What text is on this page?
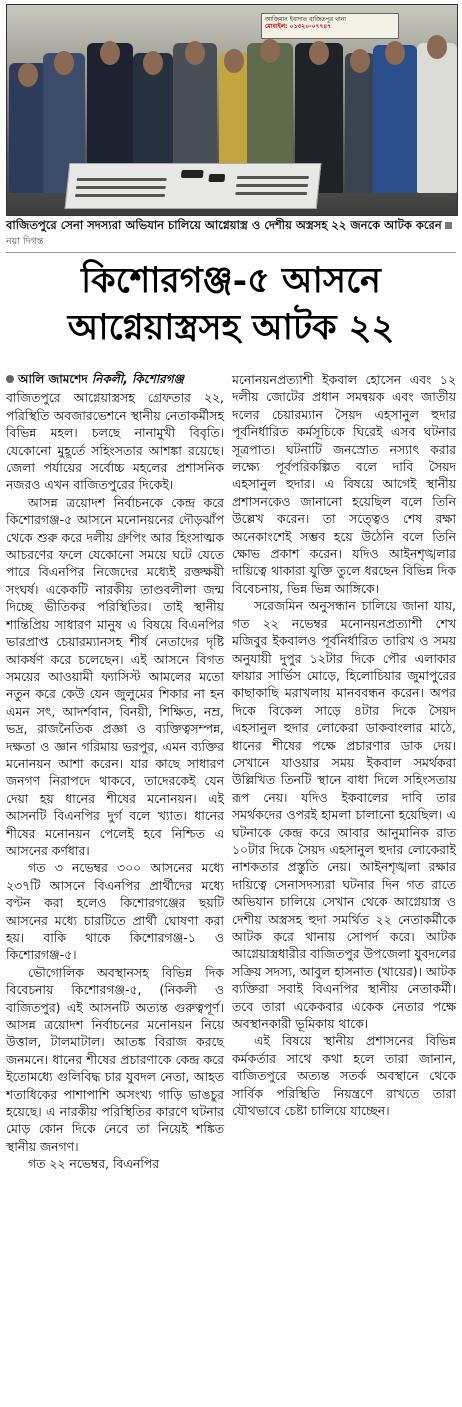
আজিমান ইবাদাত বাজিতপুর থানা
মোবাইল: ০১৩২০-০৭৭৪৭
বাজিতপুরে সেনা সদস্যরা অভিযান চালিয়ে আগ্নেয়াস্ত্র ও দেশীয় অস্ত্রসহ ২২ জনকে আটক করেননয়া দিগন্ত
কিশোরগঞ্জ-৫ আসনে
আগ্নেয়াস্ত্রসহ আটক ২২
আলি জামশেদ নিকলী, কিশোরগঞ্জ

বাজিতপুরে আগ্নেয়াস্ত্রসহ গ্রেফতার ২২, পরিস্থিতি অবজারভেশনে স্থানীয় নেতাকর্মীসহ বিভিন্ন মহল। চলছে নানামুখী বিবৃতি। যেকোনো মুহূর্তে সহিংসতার আশঙ্কা রয়েছে। জেলা পর্যায়ের সর্বোচ্চ মহলের প্রশাসনিক নজরও এখন বাজিতপুরের দিকেই।

আসন্ন ত্রয়োদশ নির্বাচনকে কেন্দ্র করে কিশোরগঞ্জ-৫ আসনে মনোনয়নের দৌড়ঝাঁপ থেকে শুরু করে দলীয় গ্রুপিং আর হিংসাত্মক আচরণের ফলে যেকোনো সময়ে ঘটে যেতে পারে বিএনপির নিজেদের মধ্যেই রক্তক্ষয়ী সংঘর্ষ। একেকটি নারকীয় তাণ্ডবলীলা জন্ম দিচ্ছে ভীতিকর পরিস্থিতির। তাই স্থানীয় শান্তিপ্রিয় সাধারণ মানুষ এ বিষয়ে বিএনপির ভারপ্রাপ্ত চেয়ারম্যানসহ শীর্ষ নেতাদের দৃষ্টি আকর্ষণ করে চলেছেন। এই আসনে বিগত সময়ের আওয়ামী ফ্যাসিস্ট আমলের মতো নতুন করে কেউ যেন জুলুমের শিকার না হন এমন সৎ, আদর্শবান, বিনয়ী, শিক্ষিত, নম্র, ভদ্র, রাজনৈতিক প্রজ্ঞা ও ব্যক্তিত্বসম্পন্ন, দক্ষতা ও জ্ঞান গরিমায় ভরপুর, এমন ব্যক্তির মনোনয়ন আশা করেন। যার কাছে সাধারণ জনগণ নিরাপদে থাকবে, তাদেরকেই যেন দেয়া হয় ধানের শীষের মনোনয়ন। এই আসনটি বিএনপির দুর্গ বলে খ্যাত। ধানের শীষের মনোনয়ন পেলেই হবে নিশ্চিত এ আসনের কর্ণধার।

গত ৩ নভেম্বর ৩০০ আসনের মধ্যে ২৩৭টি আসনে বিএনপির প্রার্থীদের মধ্যে বণ্টন করা হলেও কিশোরগঞ্জের ছয়টি আসনের মধ্যে চারটিতে প্রার্থী ঘোষণা করা হয়। বাকি থাকে কিশোরগঞ্জ-১ ও কিশোরগঞ্জ-৫।

ভৌগোলিক অবস্থানসহ বিভিন্ন দিক বিবেচনায় কিশোরগঞ্জ-৫, (নিকলী ও বাজিতপুর) এই আসনটি অত্যন্ত গুরুত্বপূর্ণ। আসন্ন ত্রয়োদশ নির্বাচনের মনোনয়ন নিয়ে উত্তাল, টালমাটাল। আতঙ্ক বিরাজ করছে জনমনে। ধানের শীষের প্রচারণাকে কেন্দ্র করে ইতোমধ্যে গুলিবিদ্ধ চার যুবদল নেতা, আহত শতাধিকের পাশাপাশি অসংখ্য গাড়ি ভাঙচুর হয়েছে। এ নারকীয় পরিস্থিতির কারণে ঘটনার মোড় কোন দিকে নেবে তা নিয়েই শঙ্কিত স্থানীয় জনগণ।

গত ২২ নভেম্বর, বিএনপির

মনোনয়নপ্রত্যাশী ইকবাল হোসেন এবং ১২ দলীয় জোটের প্রধান সমন্বয়ক এবং জাতীয় দলের চেয়ারম্যান সৈয়দ এহসানুল হুদার পূর্বনির্ধারিত কর্মসূচিকে ঘিরেই এসব ঘটনার সূত্রপাত। ঘটনাটি জনস্রোত নস্যাৎ করার লক্ষ্যে পূর্বপরিকল্পিত বলে দাবি সৈয়দ এহসানুল হুদার। এ বিষয়ে আগেই স্থানীয় প্রশাসনকেও জানানো হয়েছিল বলে তিনি উল্লেখ করেন। তা সত্ত্বেও শেষ রক্ষা অনেকাংশেই সম্ভব হয়ে উঠেনি বলে তিনি ক্ষোভ প্রকাশ করেন। যদিও আইনশৃঙ্খলার দায়িত্বে থাকারা যুক্তি তুলে ধরছেন বিভিন্ন দিক বিবেচনায়, ভিন্ন ভিন্ন আঙ্গিকে।

সরেজমিন অনুসন্ধান চালিয়ে জানা যায়, গত ২২ নভেম্বর মনোনয়নপ্রত্যাশী শেখ মজিবুর ইকবালও পূর্বনির্ধারিত তারিখ ও সময় অনুযায়ী দুপুর ১২টার দিকে পৌর এলাকার ফায়ার সার্ভিস মোড়ে, হিলোচিয়ার জুমাপুরের কাছাকাছি মরাখলায় মানববন্ধন করেন। অপর দিকে বিকেল সাড়ে ৪টার দিকে সৈয়দ এহসানুল হুদার লোকেরা ডাকবাংলার মাঠে, ধানের শীষের পক্ষে প্রচারণার ডাক দেয়। সেখানে যাওয়ার সময় ইকবাল সমর্থকরা উল্লিখিত তিনটি স্থানে বাধা দিলে সহিংসতায় রূপ নেয়। যদিও ইকবালের দাবি তার সমর্থকদের ওপরই হামলা চালানো হয়েছিল। এ ঘটনাকে কেন্দ্র করে আবার আনুমানিক রাত ১০টার দিকে সৈয়দ এহসানুল হুদার লোকেরাই নাশকতার প্রস্তুতি নেয়। আইনশৃঙ্খলা রক্ষার দায়িত্বে সেনাসদস্যরা ঘটনার দিন গত রাতে অভিযান চালিয়ে সেখান থেকে আগ্নেয়াস্ত্র ও দেশীয় অস্ত্রসহ হুদা সমর্থিত ২২ নেতাকর্মীকে আটক করে থানায় সোপর্দ করে। আটক আগ্নেয়াস্ত্রধারীর বাজিতপুর উপজেলা যুবদলের সক্রিয় সদস্য, আবুল হাসনাত (খায়ের)। আটক ব্যক্তিরা সবাই বিএনপির স্থানীয় নেতাকর্মী। তবে তারা একেকবার একেক নেতার পক্ষে অবস্থানকারী ভূমিকায় থাকে।

এই বিষয়ে স্থানীয় প্রশাসনের বিভিন্ন কর্মকর্তার সাথে কথা হলে তারা জানান, বাজিতপুরে অত্যন্ত সতর্ক অবস্থানে থেকে সার্বিক পরিস্থিতি নিয়ন্ত্রণে রাখতে তারা যৌথভাবে চেষ্টা চালিয়ে যাচ্ছেন।
